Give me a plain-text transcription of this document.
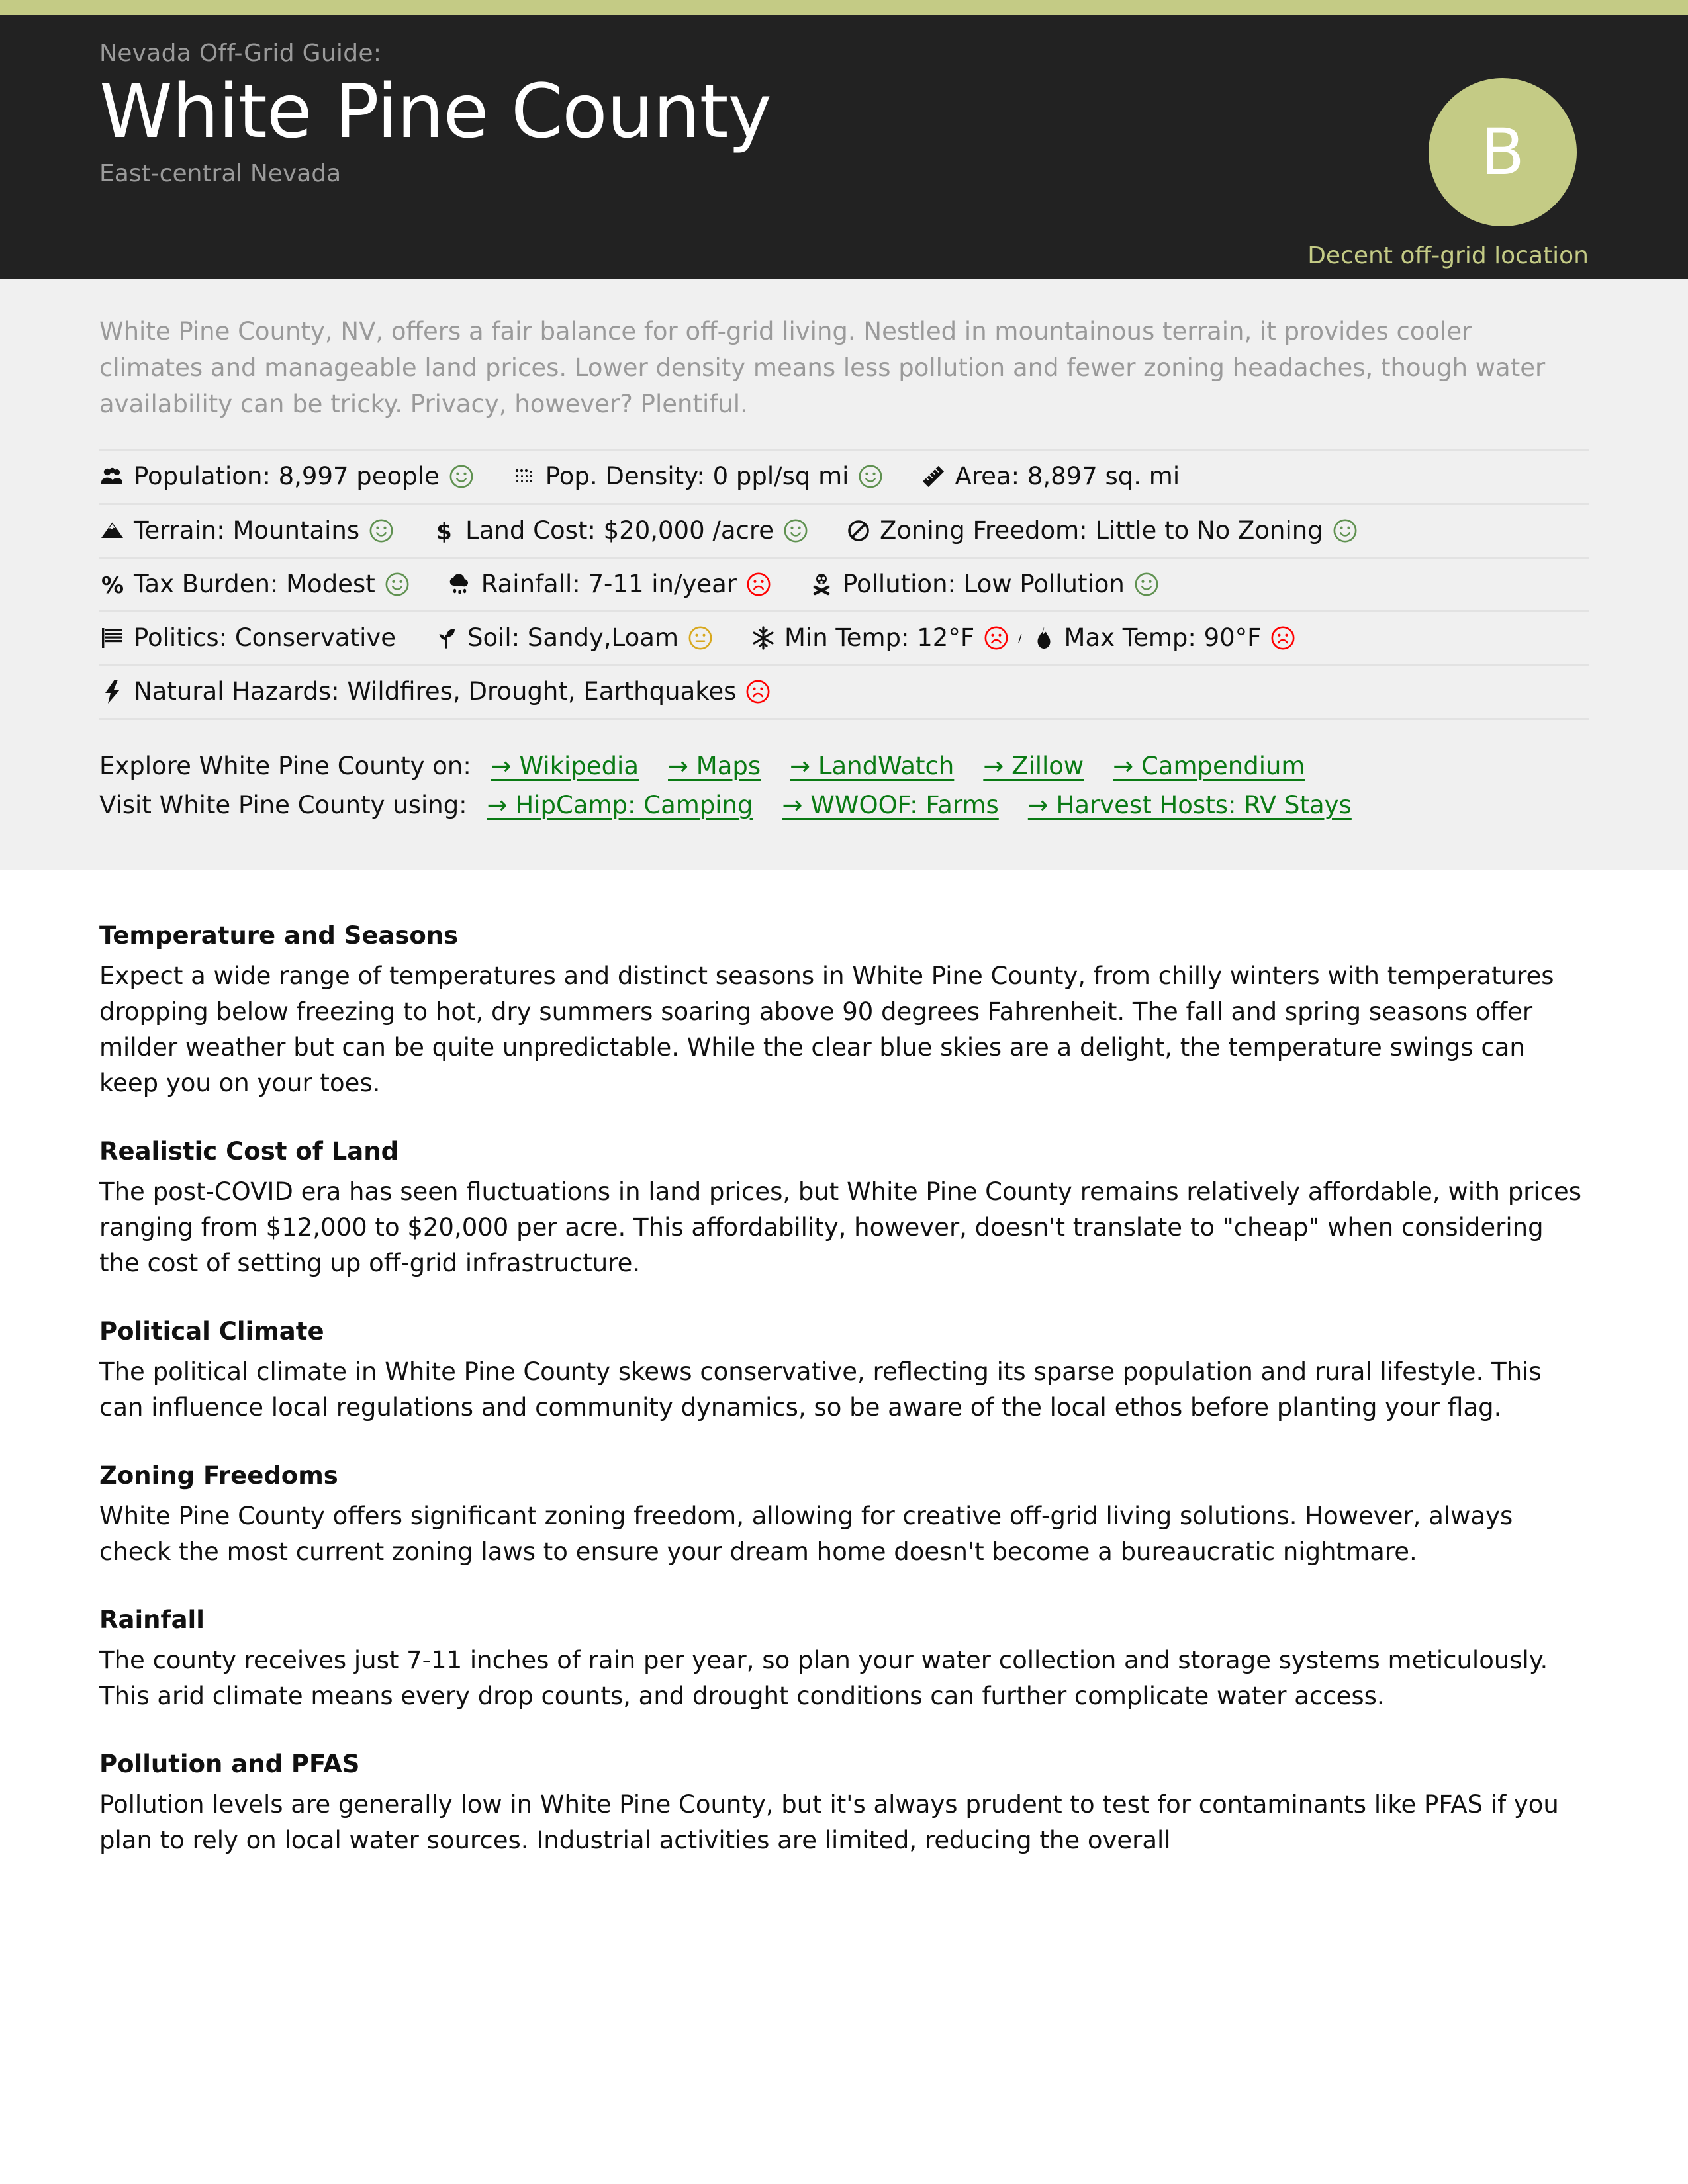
Nevada Off-Grid Guide:

White Pine County

East-central Nevada	B
Decent off-grid location

White Pine County, NV, offers a fair balance for off-grid living. Nestled in mountainous terrain, it provides cooler climates and manageable land prices. Lower density means less pollution and fewer zoning headaches, though water availability can be tricky. Privacy, however? Plentiful.

Population: 8,997 people	Pop. Density: 0 ppl/sq mi	Area: 8,897 sq. mi
Terrain: Mountains	$ Land Cost: $20,000 /acre	Zoning Freedom: Little to No Zoning
% Tax Burden: Modest	Rainfall: 7-11 in/year	Pollution: Low Pollution
Politics: Conservative	Soil: Sandy,Loam	Min Temp: 12°F	/ Max Temp: 90°F
Natural Hazards: Wildfires, Drought, Earthquakes
Explore White Pine County on: → Wikipedia → Maps → LandWatch → Zillow → Campendium
Visit White Pine County using: → HipCamp: Camping → WWOOF: Farms → Harvest Hosts: RV Stays
Temperature and Seasons

Expect a wide range of temperatures and distinct seasons in White Pine County, from chilly winters with temperatures dropping below freezing to hot, dry summers soaring above 90 degrees Fahrenheit. The fall and spring seasons offer milder weather but can be quite unpredictable. While the clear blue skies are a delight, the temperature swings can keep you on your toes.

Realistic Cost of Land

The post-COVID era has seen fluctuations in land prices, but White Pine County remains relatively affordable, with prices ranging from $12,000 to $20,000 per acre. This affordability, however, doesn't translate to "cheap" when considering the cost of setting up off-grid infrastructure.

Political Climate

The political climate in White Pine County skews conservative, reflecting its sparse population and rural lifestyle. This can influence local regulations and community dynamics, so be aware of the local ethos before planting your flag.

Zoning Freedoms

White Pine County offers significant zoning freedom, allowing for creative off-grid living solutions. However, always check the most current zoning laws to ensure your dream home doesn't become a bureaucratic nightmare.

Rainfall

The county receives just 7-11 inches of rain per year, so plan your water collection and storage systems meticulously. This arid climate means every drop counts, and drought conditions can further complicate water access.

Pollution and PFAS

Pollution levels are generally low in White Pine County, but it's always prudent to test for contaminants like PFAS if you plan to rely on local water sources. Industrial activities are limited, reducing the overall
